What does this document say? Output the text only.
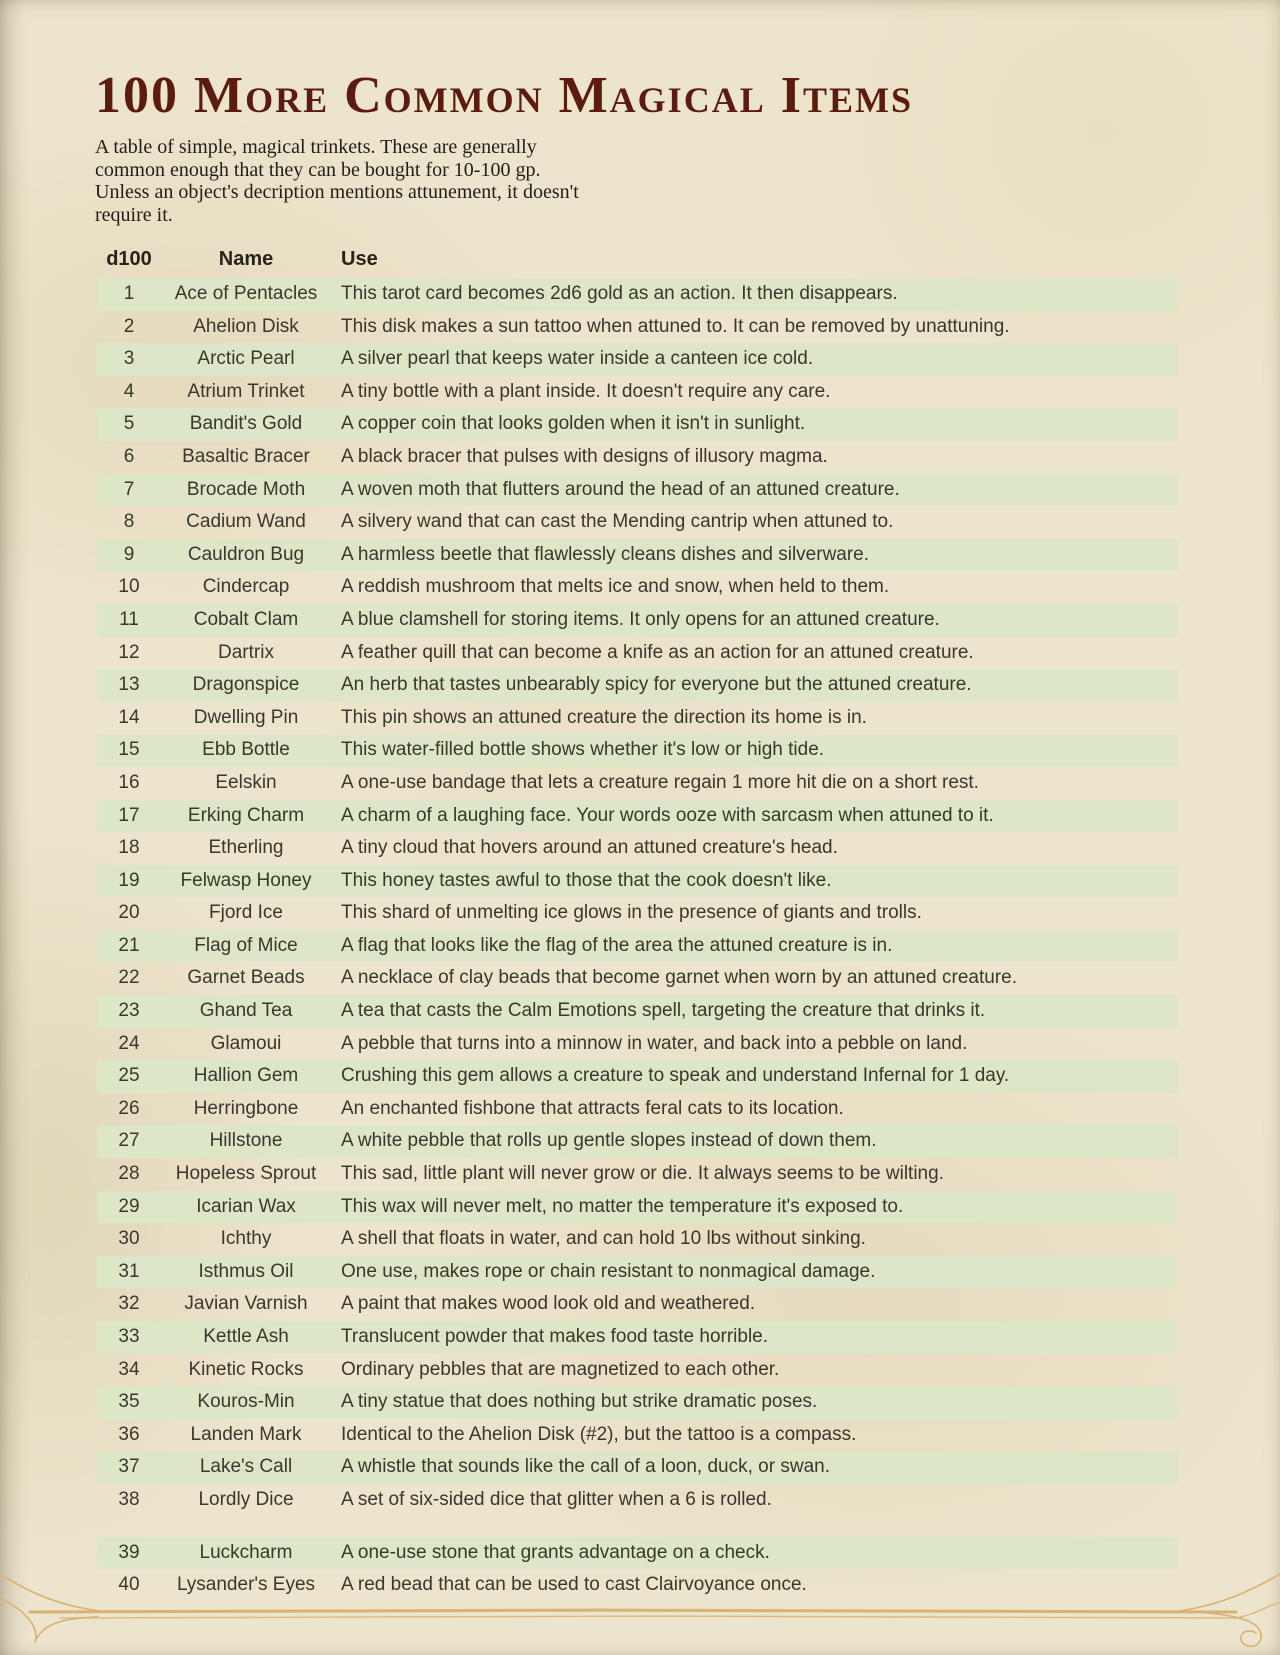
100 More Common Magical Items
A table of simple, magical trinkets. These are generally
common enough that they can be bought for 10-100 gp.
Unless an object's decription mentions attunement, it doesn't
require it.
d100	Name	Use
1	Ace of Pentacles	This tarot card becomes 2d6 gold as an action. It then disappears.
2	Ahelion Disk	This disk makes a sun tattoo when attuned to. It can be removed by unattuning.
3	Arctic Pearl	A silver pearl that keeps water inside a canteen ice cold.
4	Atrium Trinket	A tiny bottle with a plant inside. It doesn't require any care.
5	Bandit's Gold	A copper coin that looks golden when it isn't in sunlight.
6	Basaltic Bracer	A black bracer that pulses with designs of illusory magma.
7	Brocade Moth	A woven moth that flutters around the head of an attuned creature.
8	Cadium Wand	A silvery wand that can cast the Mending cantrip when attuned to.
9	Cauldron Bug	A harmless beetle that flawlessly cleans dishes and silverware.
10	Cindercap	A reddish mushroom that melts ice and snow, when held to them.
11	Cobalt Clam	A blue clamshell for storing items. It only opens for an attuned creature.
12	Dartrix	A feather quill that can become a knife as an action for an attuned creature.
13	Dragonspice	An herb that tastes unbearably spicy for everyone but the attuned creature.
14	Dwelling Pin	This pin shows an attuned creature the direction its home is in.
15	Ebb Bottle	This water-filled bottle shows whether it's low or high tide.
16	Eelskin	A one-use bandage that lets a creature regain 1 more hit die on a short rest.
17	Erking Charm	A charm of a laughing face. Your words ooze with sarcasm when attuned to it.
18	Etherling	A tiny cloud that hovers around an attuned creature's head.
19	Felwasp Honey	This honey tastes awful to those that the cook doesn't like.
20	Fjord Ice	This shard of unmelting ice glows in the presence of giants and trolls.
21	Flag of Mice	A flag that looks like the flag of the area the attuned creature is in.
22	Garnet Beads	A necklace of clay beads that become garnet when worn by an attuned creature.
23	Ghand Tea	A tea that casts the Calm Emotions spell, targeting the creature that drinks it.
24	Glamoui	A pebble that turns into a minnow in water, and back into a pebble on land.
25	Hallion Gem	Crushing this gem allows a creature to speak and understand Infernal for 1 day.
26	Herringbone	An enchanted fishbone that attracts feral cats to its location.
27	Hillstone	A white pebble that rolls up gentle slopes instead of down them.
28	Hopeless Sprout	This sad, little plant will never grow or die. It always seems to be wilting.
29	Icarian Wax	This wax will never melt, no matter the temperature it's exposed to.
30	Ichthy	A shell that floats in water, and can hold 10 lbs without sinking.
31	Isthmus Oil	One use, makes rope or chain resistant to nonmagical damage.
32	Javian Varnish	A paint that makes wood look old and weathered.
33	Kettle Ash	Translucent powder that makes food taste horrible.
34	Kinetic Rocks	Ordinary pebbles that are magnetized to each other.
35	Kouros-Min	A tiny statue that does nothing but strike dramatic poses.
36	Landen Mark	Identical to the Ahelion Disk (#2), but the tattoo is a compass.
37	Lake's Call	A whistle that sounds like the call of a loon, duck, or swan.
38	Lordly Dice	A set of six-sided dice that glitter when a 6 is rolled.
39	Luckcharm	A one-use stone that grants advantage on a check.
40	Lysander's Eyes	A red bead that can be used to cast Clairvoyance once.
